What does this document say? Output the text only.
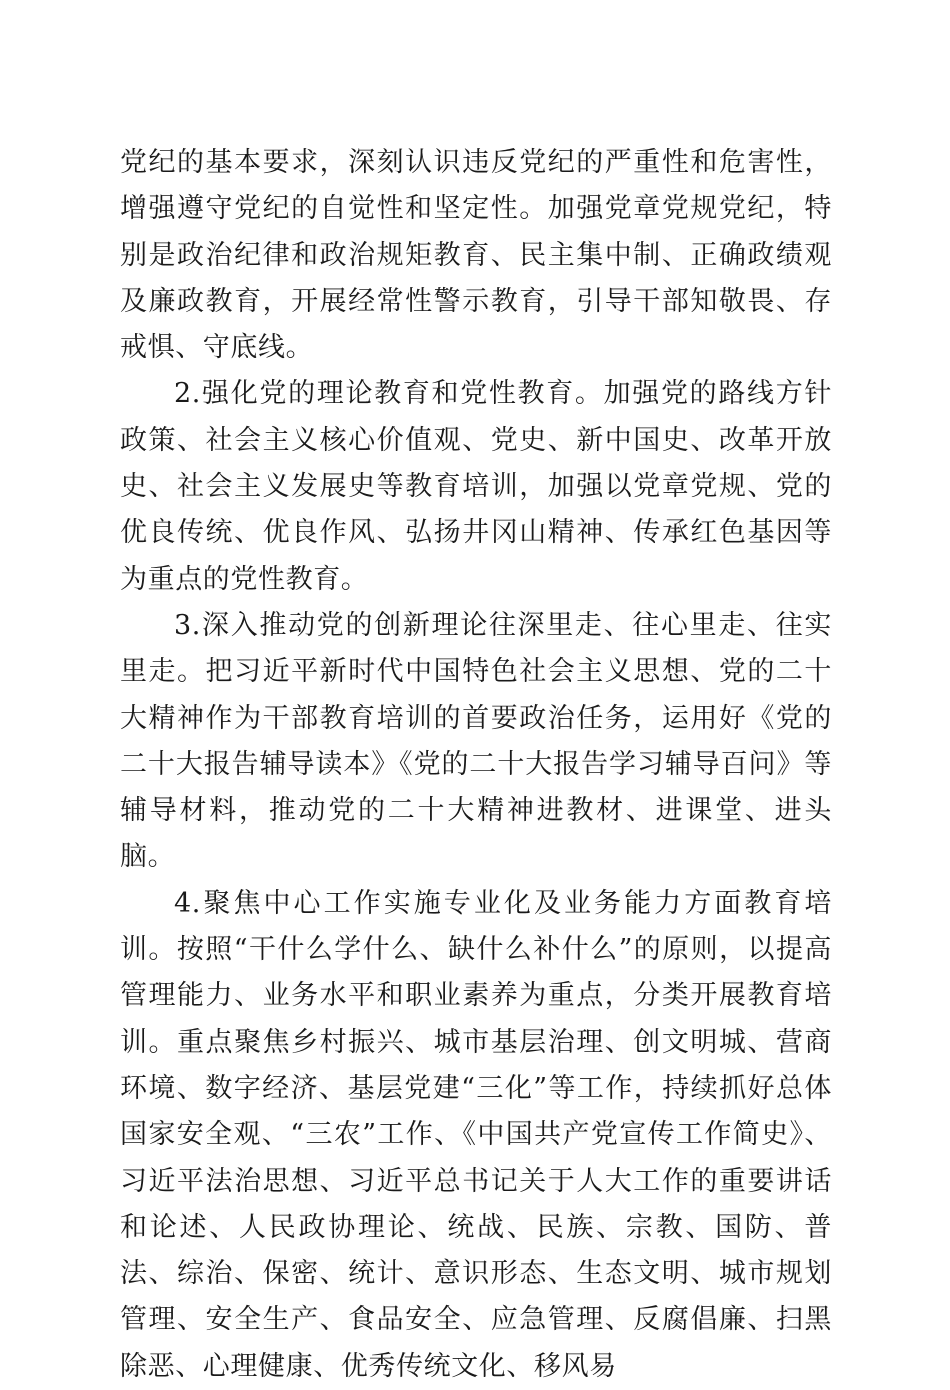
党纪的基本要求，深刻认识违反党纪的严重性和危害性，增强遵守党纪的自觉性和坚定性。加强党章党规党纪，特别是政治纪律和政治规矩教育、民主集中制、正确政绩观及廉政教育，开展经常性警示教育，引导干部知敬畏、存戒惧、守底线。

2.强化党的理论教育和党性教育。加强党的路线方针政策、社会主义核心价值观、党史、新中国史、改革开放史、社会主义发展史等教育培训，加强以党章党规、党的优良传统、优良作风、弘扬井冈山精神、传承红色基因等为重点的党性教育。

3.深入推动党的创新理论往深里走、往心里走、往实里走。把习近平新时代中国特色社会主义思想、党的二十大精神作为干部教育培训的首要政治任务，运用好《党的二十大报告辅导读本》《党的二十大报告学习辅导百问》等辅导材料，推动党的二十大精神进教材、进课堂、进头脑。

4.聚焦中心工作实施专业化及业务能力方面教育培训。按照“干什么学什么、缺什么补什么”的原则，以提高管理能力、业务水平和职业素养为重点，分类开展教育培训。重点聚焦乡村振兴、城市基层治理、创文明城、营商环境、数字经济、基层党建“三化”等工作，持续抓好总体国家安全观、“三农”工作、《中国共产党宣传工作简史》、习近平法治思想、习近平总书记关于人大工作的重要讲话和论述、人民政协理论、统战、民族、宗教、国防、普法、综治、保密、统计、意识形态、生态文明、城市规划管理、安全生产、食品安全、应急管理、反腐倡廉、扫黑除恶、心理健康、优秀传统文化、移风易
